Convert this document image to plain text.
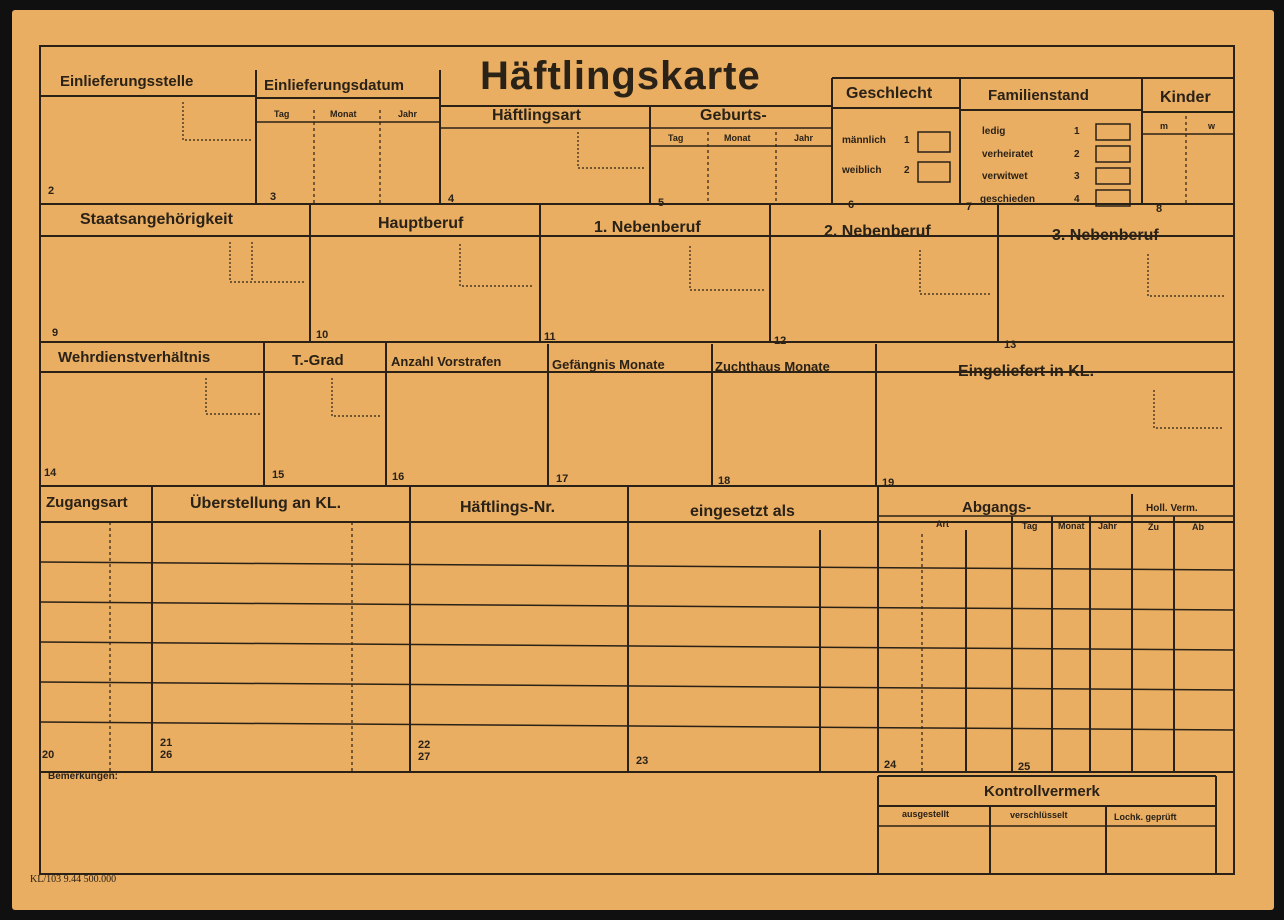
Häftlingskarte
Einlieferungsstelle	Einlieferungsdatum
Tag	Monat	Jahr	Häftlingsart	Geburts-
Tag	Monat	Jahr
Geschlecht
männlich 1
weiblich 2
Familienstand
ledig	1
verheiratet	2
verwitwet	3
geschieden	4
Kinder
m	w
Staatsangehörigkeit	Hauptberuf	1. Nebenberuf	2. Nebenberuf	3. Nebenberuf
Wehrdienstverhältnis	T.-Grad	Anzahl Vorstrafen	Gefängnis Monate	Zuchthaus Monate	Eingeliefert in KL.
Zugangsart	Überstellung an KL.	Häftlings-Nr.	eingesetzt als	Abgangs-
Art	Tag Monat Jahr
Holl. Verm.
Zu	Ab
Bemerkungen:
Kontrollvermerk
ausgestellt	verschlüsselt	Lochk. geprüft
KL/103 9.44 500.000
2	3	4	5	6	7	8
9	10	11	12	13
14	15	16	17	18	19
20
21
26
22
27	23	24	25
